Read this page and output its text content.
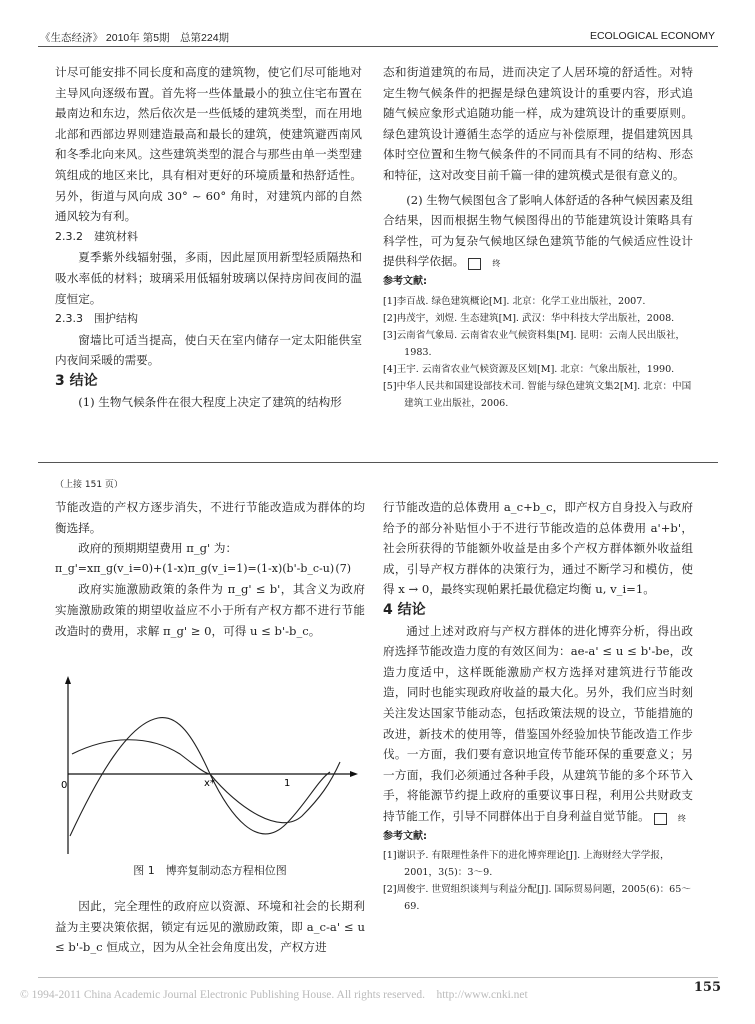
《生态经济》 2010年 第5期　总第224期	ECOLOGICAL ECONOMY

计尽可能安排不同长度和高度的建筑物，使它们尽可能地对主导风向逐级布置。首先将一些体量最小的独立住宅布置在最南边和东边，然后依次是一些低矮的建筑类型，而在用地北部和西部边界则建造最高和最长的建筑，使建筑避西南风和冬季北向来风。这些建筑类型的混合与那些由单一类型建筑组成的地区来比，具有相对更好的环境质量和热舒适性。另外，街道与风向成 30° ~ 60° 角时，对建筑内部的自然通风较为有利。

2.3.2　建筑材料

夏季紫外线辐射强，多雨，因此屋顶用新型轻质隔热和吸水率低的材料；玻璃采用低辐射玻璃以保持房间夜间的温度恒定。

2.3.3　围护结构

窗墙比可适当提高，使白天在室内储存一定太阳能供室内夜间采暖的需要。

3 结论

(1) 生物气候条件在很大程度上决定了建筑的结构形

态和街道建筑的布局，进而决定了人居环境的舒适性。对特定生物气候条件的把握是绿色建筑设计的重要内容，形式追随气候应象形式追随功能一样，成为建筑设计的重要原则。绿色建筑设计遵循生态学的适应与补偿原理，提倡建筑因具体时空位置和生物气候条件的不同而具有不同的结构、形态和特征，这对改变目前千篇一律的建筑模式是很有意义的。

(2) 生物气候图包含了影响人体舒适的各种气候因素及组合结果，因而根据生物气候图得出的节能建筑设计策略具有科学性，可为复杂气候地区绿色建筑节能的气候适应性设计提供科学依据。	终

参考文献:

[1]李百战. 绿色建筑概论[M]. 北京：化学工业出版社，2007.

[2]冉茂宇，刘煜. 生态建筑[M]. 武汉：华中科技大学出版社，2008.

[3]云南省气象局. 云南省农业气候资料集[M]. 昆明：云南人民出版社，1983.

[4]王宇. 云南省农业气候资源及区划[M]. 北京：气象出版社，1990.

[5]中华人民共和国建设部技术司. 智能与绿色建筑文集2[M]. 北京：中国建筑工业出版社，2006.

（上接 151 页）

节能改造的产权方逐步消失，不进行节能改造成为群体的均衡选择。

政府的预期期望费用 π_g' 为：

π_g'=xπ_g(v_i=0)+(1-x)π_g(v_i=1)=(1-x)(b'-b_c-u) (7)

政府实施激励政策的条件为 π_g' ≤ b'，其含义为政府实施激励政策的期望收益应不小于所有产权方都不进行节能改造时的费用，求解 π_g' ≥ 0，可得 u ≤ b'-b_c。

0	x*	1
图 1　博弈复制动态方程相位图

因此，完全理性的政府应以资源、环境和社会的长期利益为主要决策依据，锁定有远见的激励政策，即 a_c-a' ≤ u ≤ b'-b_c 恒成立，因为从全社会角度出发，产权方进

行节能改造的总体费用 a_c+b_c，即产权方自身投入与政府给予的部分补贴恒小于不进行节能改造的总体费用 a'+b'，社会所获得的节能额外收益是由多个产权方群体额外收益组成，引导产权方群体的决策行为，通过不断学习和模仿，使得 x → 0，最终实现帕累托最优稳定均衡 u, v_i=1。

4 结论

通过上述对政府与产权方群体的进化博弈分析，得出政府选择节能改造力度的有效区间为：ae-a' ≤ u ≤ b'-be，改造力度适中，这样既能激励产权方选择对建筑进行节能改造，同时也能实现政府收益的最大化。另外，我们应当时刻关注发达国家节能动态，包括政策法规的设立，节能措施的改进，新技术的使用等，借鉴国外经验加快节能改造工作步伐。一方面，我们要有意识地宣传节能环保的重要意义；另一方面，我们必须通过各种手段，从建筑节能的多个环节入手，将能源节约提上政府的重要议事日程，利用公共财政支持节能工作，引导不同群体出于自身利益自觉节能。	终

参考文献:

[1]谢识予. 有限理性条件下的进化博弈理论[J]. 上海财经大学学报，2001，3(5)：3～9.

[2]周俊宇. 世贸组织谈判与利益分配[J]. 国际贸易问题，2005(6)：65～69.

© 1994-2011 China Academic Journal Electronic Publishing House. All rights reserved.　http://www.cnki.net	155
